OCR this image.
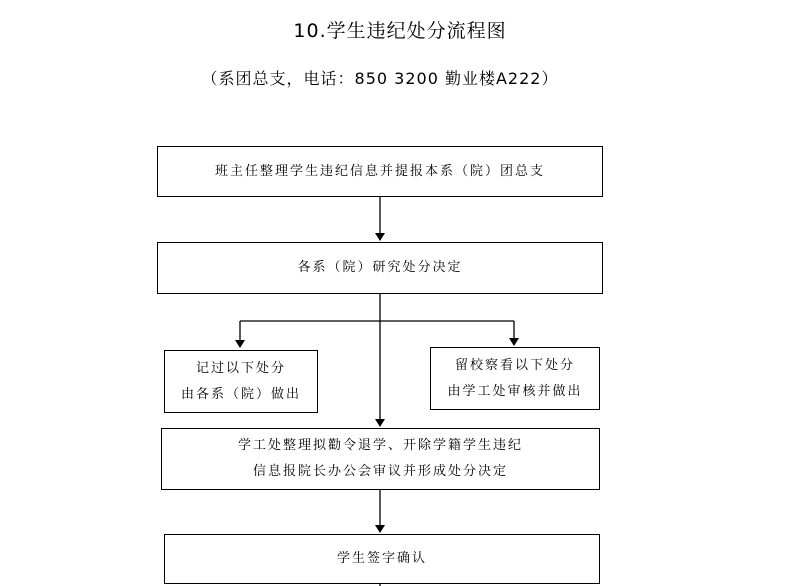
10.学生违纪处分流程图
（系团总支，电话：850 3200 勤业楼A222）
班主任整理学生违纪信息并提报本系（院）团总支
各系（院）研究处分决定
记过以下处分
由各系（院）做出
留校察看以下处分
由学工处审核并做出
学工处整理拟勸令退学、开除学籍学生违纪
信息报院长办公会审议并形成处分决定
学生签字确认
